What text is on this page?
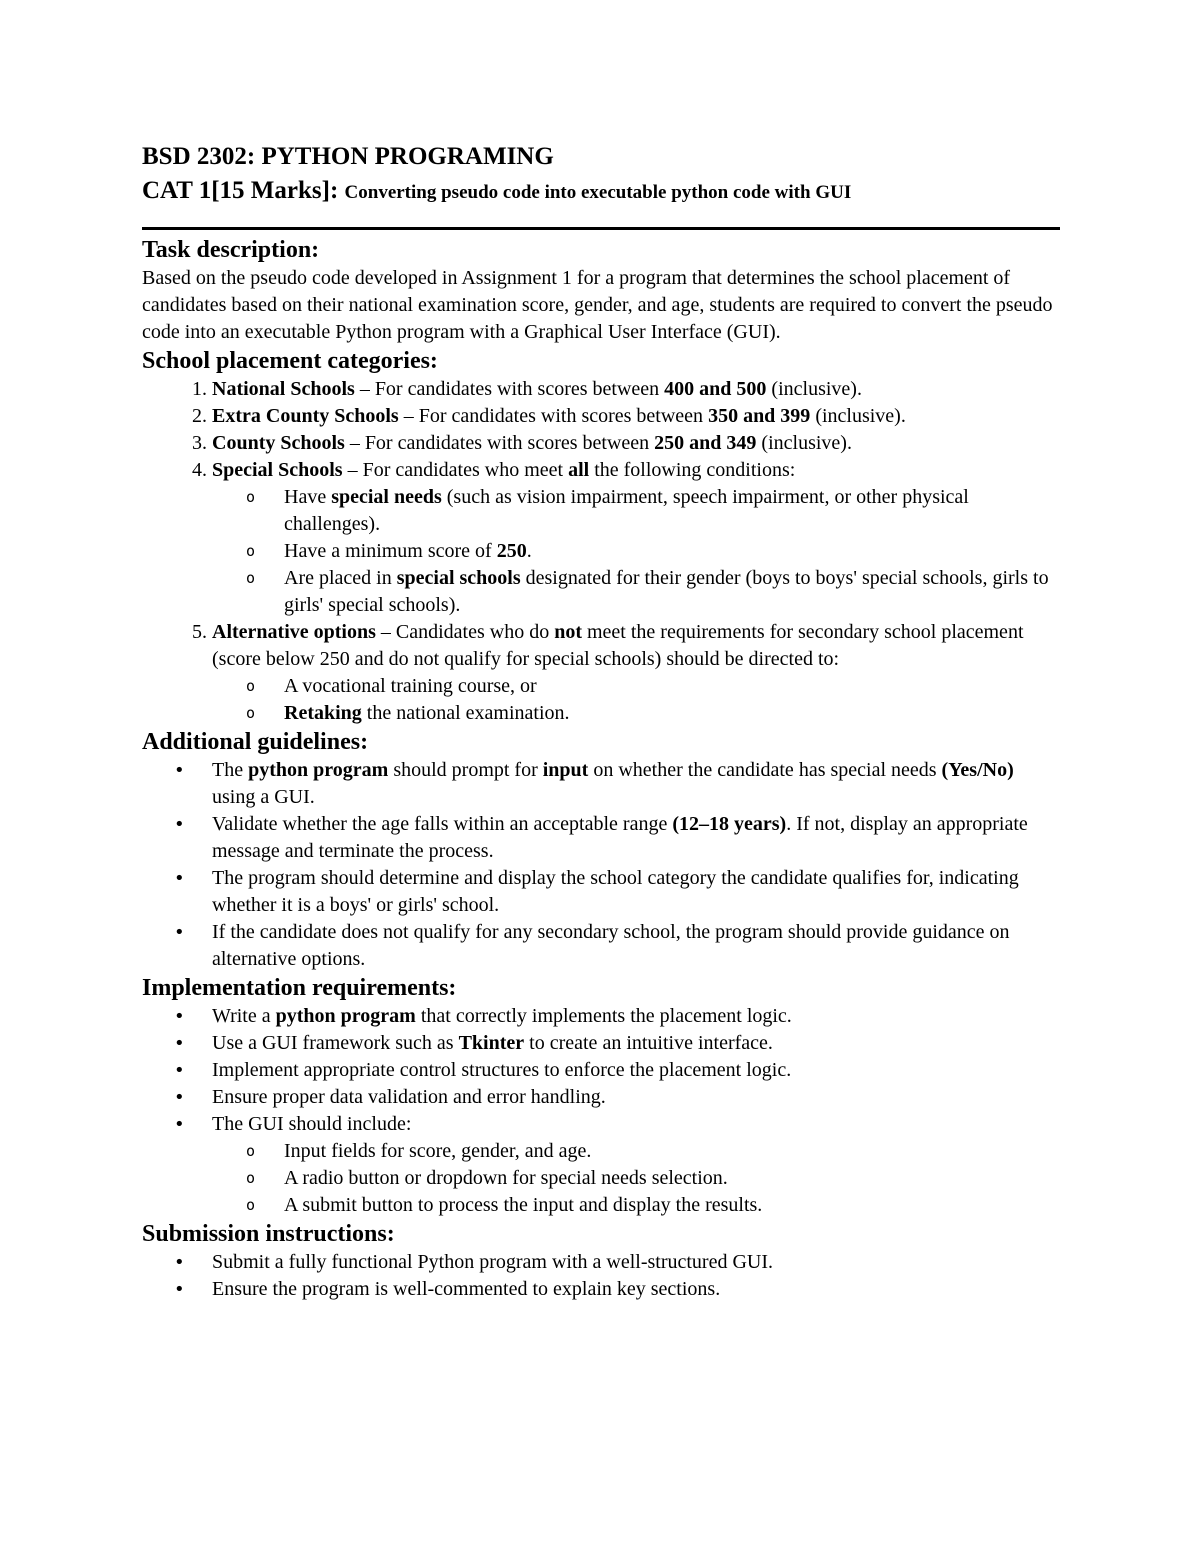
BSD 2302: PYTHON PROGRAMING

CAT 1[15 Marks]: Converting pseudo code into executable python code with GUI

Task description:

Based on the pseudo code developed in Assignment 1 for a program that determines the school placement of candidates based on their national examination score, gender, and age, students are required to convert the pseudo code into an executable Python program with a Graphical User Interface (GUI).

School placement categories:
1. National Schools – For candidates with scores between 400 and 500 (inclusive).
2. Extra County Schools – For candidates with scores between 350 and 399 (inclusive).
3. County Schools – For candidates with scores between 250 and 349 (inclusive).
4. Special Schools – For candidates who meet all the following conditions:
o Have special needs (such as vision impairment, speech impairment, or other physical challenges).
o Have a minimum score of 250.
o Are placed in special schools designated for their gender (boys to boys' special schools, girls to girls' special schools).
5. Alternative options – Candidates who do not meet the requirements for secondary school placement (score below 250 and do not qualify for special schools) should be directed to:
o A vocational training course, or
o Retaking the national examination.
Additional guidelines:
• The python program should prompt for input on whether the candidate has special needs (Yes/No) using a GUI.
• Validate whether the age falls within an acceptable range (12–18 years). If not, display an appropriate message and terminate the process.
• The program should determine and display the school category the candidate qualifies for, indicating whether it is a boys' or girls' school.
• If the candidate does not qualify for any secondary school, the program should provide guidance on alternative options.
Implementation requirements:
• Write a python program that correctly implements the placement logic.
• Use a GUI framework such as Tkinter to create an intuitive interface.
• Implement appropriate control structures to enforce the placement logic.
• Ensure proper data validation and error handling.
• The GUI should include:
o Input fields for score, gender, and age.
o A radio button or dropdown for special needs selection.
o A submit button to process the input and display the results.
Submission instructions:
• Submit a fully functional Python program with a well-structured GUI.
• Ensure the program is well-commented to explain key sections.
